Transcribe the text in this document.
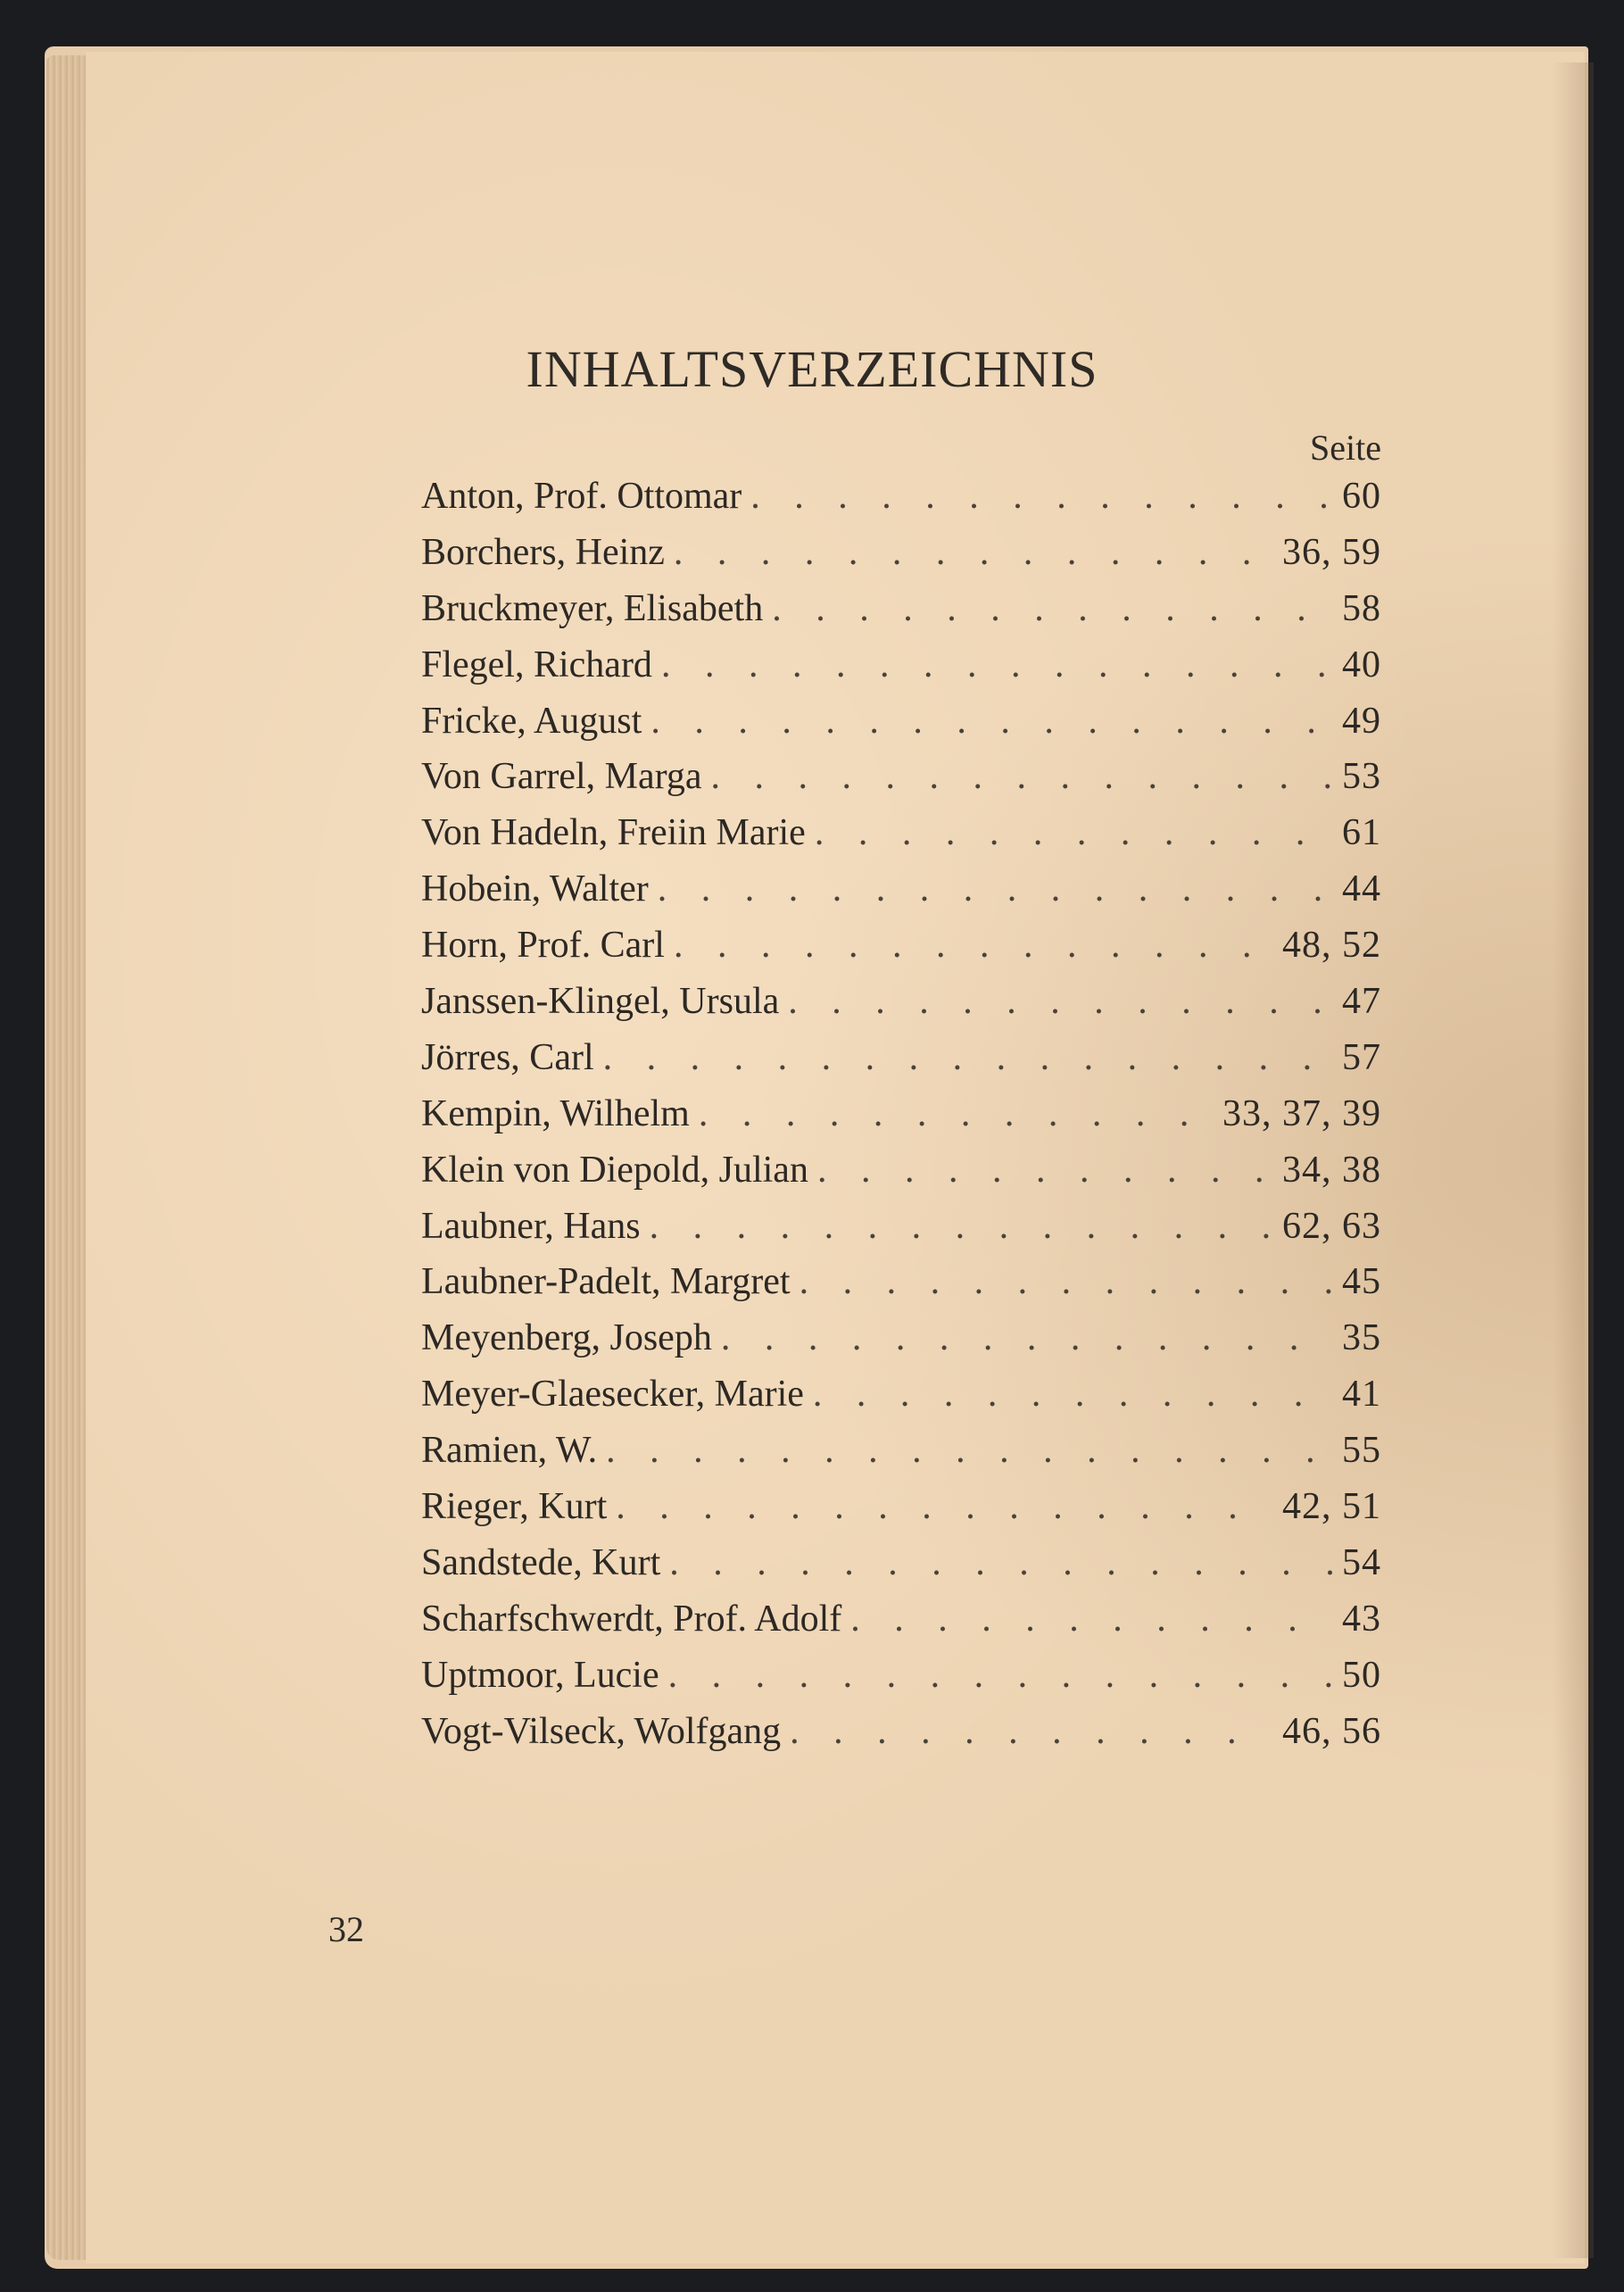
INHALTSVERZEICHNIS
Seite
Anton, Prof. Ottomar . . .	60
Borchers, Heinz . . .	36, 59
Bruckmeyer, Elisabeth . . .	58
Flegel, Richard . . .	40
Fricke, August . . .	49
Von Garrel, Marga . . .	53
Von Hadeln, Freiin Marie . . .	61
Hobein, Walter . . .	44
Horn, Prof. Carl . . .	48, 52
Janssen-Klingel, Ursula . . .	47
Jörres, Carl . . .	57
Kempin, Wilhelm . . .	33, 37, 39
Klein von Diepold, Julian . . .	34, 38
Laubner, Hans . . .	62, 63
Laubner-Padelt, Margret . . .	45
Meyenberg, Joseph . . .	35
Meyer-Glaesecker, Marie . . .	41
Ramien, W. . . .	55
Rieger, Kurt . . .	42, 51
Sandstede, Kurt . . .	54
Scharfschwerdt, Prof. Adolf . . .	43
Uptmoor, Lucie . . .	50
Vogt-Vilseck, Wolfgang . . .	46, 56
32
